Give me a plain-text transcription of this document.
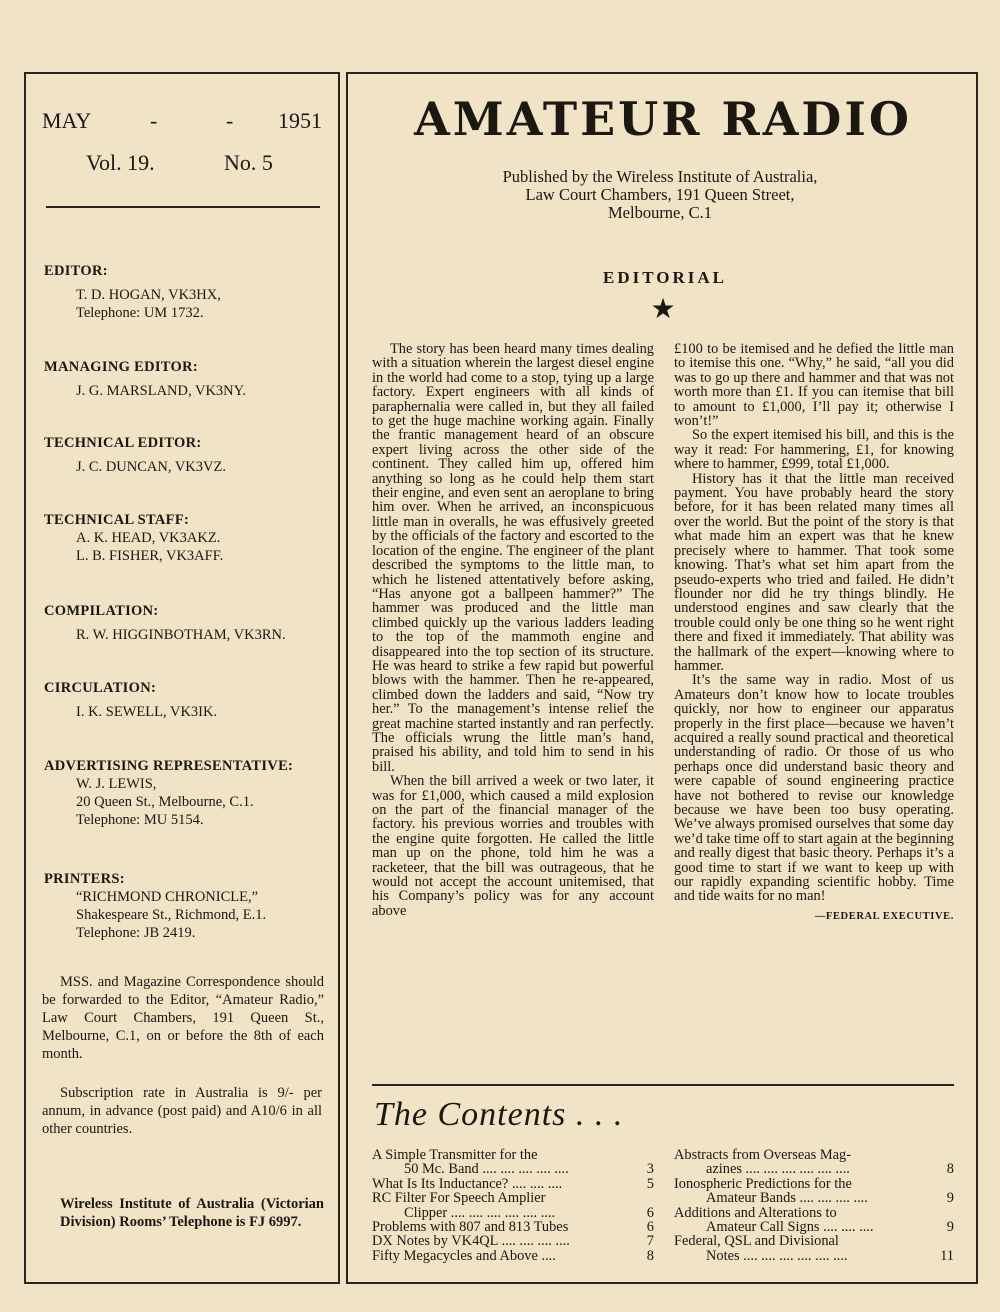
MAY	-	- 1951
Vol. 19.	No. 5
EDITOR:
T. D. HOGAN, VK3HX,
Telephone: UM 1732.
MANAGING EDITOR:
J. G. MARSLAND, VK3NY.
TECHNICAL EDITOR:
J. C. DUNCAN, VK3VZ.
TECHNICAL STAFF:
A. K. HEAD, VK3AKZ.
L. B. FISHER, VK3AFF.
COMPILATION:
R. W. HIGGINBOTHAM, VK3RN.
CIRCULATION:
I. K. SEWELL, VK3IK.
ADVERTISING REPRESENTATIVE:
W. J. LEWIS,
20 Queen St., Melbourne, C.1.
Telephone: MU 5154.
PRINTERS:
“RICHMOND CHRONICLE,”
Shakespeare St., Richmond, E.1.
Telephone: JB 2419.
MSS. and Magazine Correspondence should be forwarded to the Editor, “Amateur Radio,” Law Court Chambers, 191 Queen St., Melbourne, C.1, on or before the 8th of each month.
Subscription rate in Australia is 9/- per annum, in advance (post paid) and A10/6 in all other countries.
Wireless Institute of Australia (Victorian Division) Rooms’ Telephone is FJ 6997.
AMATEUR RADIO
Published by the Wireless Institute of Australia,
Law Court Chambers, 191 Queen Street,
Melbourne, C.1
EDITORIAL
★

The story has been heard many times dealing with a situation wherein the largest diesel engine in the world had come to a stop, tying up a large factory. Expert engineers with all kinds of paraphernalia were called in, but they all failed to get the huge machine working again. Finally the frantic management heard of an obscure expert living across the other side of the continent. They called him up, offered him anything so long as he could help them start their engine, and even sent an aeroplane to bring him over. When he arrived, an inconspicuous little man in overalls, he was effusively greeted by the officials of the factory and escorted to the location of the engine. The engineer of the plant described the symptoms to the little man, to which he listened attentatively before asking, “Has anyone got a ballpeen hammer?” The hammer was produced and the little man climbed quickly up the various ladders leading to the top of the mammoth engine and disappeared into the top section of its structure. He was heard to strike a few rapid but powerful blows with the hammer. Then he re-appeared, climbed down the ladders and said, “Now try her.” To the management’s intense relief the great machine started instantly and ran perfectly. The officials wrung the little man’s hand, praised his ability, and told him to send in his bill.

When the bill arrived a week or two later, it was for £1,000, which caused a mild explosion on the part of the financial manager of the factory. his previous worries and troubles with the engine quite forgotten. He called the little man up on the phone, told him he was a racketeer, that the bill was outrageous, that he would not accept the account unitemised, that his Company’s policy was for any account above

£100 to be itemised and he defied the little man to itemise this one. “Why,” he said, “all you did was to go up there and hammer and that was not worth more than £1. If you can itemise that bill to amount to £1,000, I’ll pay it; otherwise I won’t!”

So the expert itemised his bill, and this is the way it read: For hammering, £1, for knowing where to hammer, £999, total £1,000.

History has it that the little man received payment. You have probably heard the story before, for it has been related many times all over the world. But the point of the story is that what made him an expert was that he knew precisely where to hammer. That took some knowing. That’s what set him apart from the pseudo-experts who tried and failed. He didn’t flounder nor did he try things blindly. He understood engines and saw clearly that the trouble could only be one thing so he went right there and fixed it immediately. That ability was the hallmark of the expert—knowing where to hammer.

It’s the same way in radio. Most of us Amateurs don’t know how to locate troubles quickly, nor how to engineer our apparatus properly in the first place—because we haven’t acquired a really sound practical and theoretical understanding of radio. Or those of us who perhaps once did understand basic theory and were capable of sound engineering practice have not bothered to revise our knowledge because we have been too busy operating. We’ve always promised ourselves that some day we’d take time off to start again at the beginning and really digest that basic theory. Perhaps it’s a good time to start if we want to keep up with our rapidly expanding scientific hobby. Time and tide waits for no man!

—FEDERAL EXECUTIVE.
The Contents . . .
A Simple Transmitter for the
50 Mc. Band .... .... .... .... ....	3
What Is Its Inductance? .... .... ....	5
RC Filter For Speech Amplier
Clipper .... .... .... .... .... ....	6
Problems with 807 and 813 Tubes	6
DX Notes by VK4QL .... .... .... ....	7
Fifty Megacycles and Above ....	8
Abstracts from Overseas Mag-
azines .... .... .... .... .... ....	8
Ionospheric Predictions for the
Amateur Bands .... .... .... ....	9
Additions and Alterations to
Amateur Call Signs .... .... ....	9
Federal, QSL and Divisional
Notes .... .... .... .... .... ....	11
